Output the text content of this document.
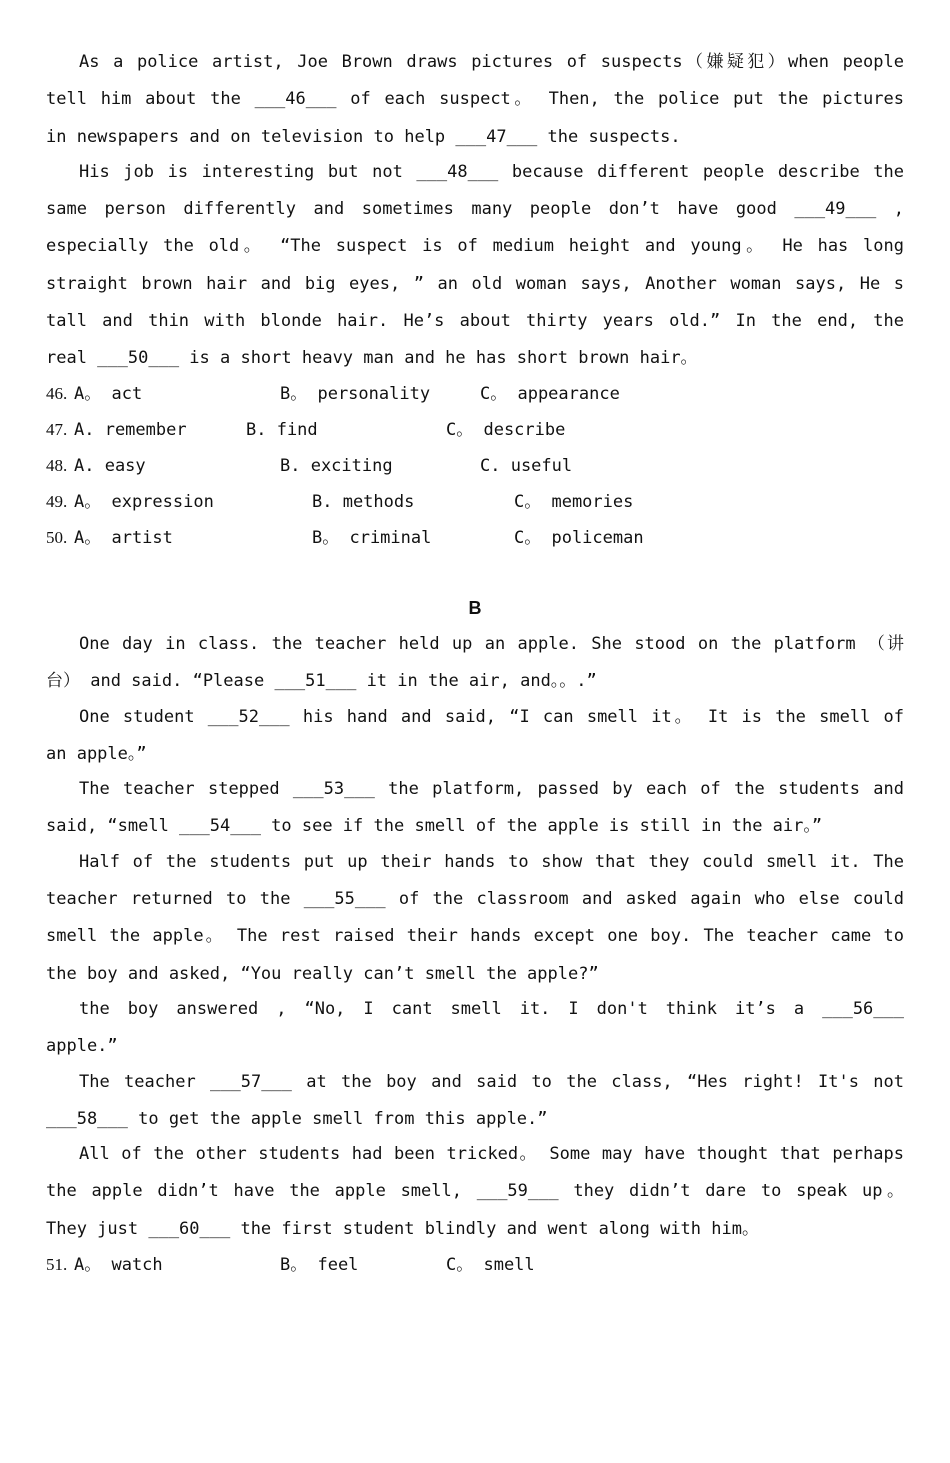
As a police artist, Joe Brown draws pictures of suspects（嫌疑犯）when people
tell him about the ___46___ of each suspect。 Then, the police put the pictures
in newspapers and on television to help ___47___ the suspects.
His job is interesting but not ___48___ because different people describe the
same person differently and sometimes many people don’t have good ___49___ ,
especially the old。 “The suspect is of medium height and young。 He has long
straight brown hair and big eyes, ” an old woman says, Another woman says, He s
tall and thin with blonde hair. He’s about thirty years old.” In the end, the
real ___50___ is a short heavy man and he has short brown hair。

46.

A。 act

	B。 personality

	C。 appearance

47.

A. remember

	B. find

	C。 describe

48.

A. easy

	B. exciting

	C. useful

49.

A。 expression

	B. methods

	C。 memories

50.

A。 artist

	B。 criminal

	C。 policeman

B
One day in class. the teacher held up an apple. She stood on the platform （讲
台） and said. “Please ___51___ it in the air, and。。.”
One student ___52___ his hand and said, “I can smell it。 It is the smell of
an apple。”
The teacher stepped ___53___ the platform, passed by each of the students and
said, “smell ___54___ to see if the smell of the apple is still in the air。”
Half of the students put up their hands to show that they could smell it. The
teacher returned to the ___55___ of the classroom and asked again who else could
smell the apple。 The rest raised their hands except one boy. The teacher came to
the boy and asked, “You really can’t smell the apple?”
the boy answered , “No, I cant smell it. I don't think it’s a ___56___
apple.”
The teacher ___57___ at the boy and said to the class, “Hes right! It's not
___58___ to get the apple smell from this apple.”
All of the other students had been tricked。 Some may have thought that perhaps
the apple didn’t have the apple smell, ___59___ they didn’t dare to speak up。
They just ___60___ the first student blindly and went along with him。

51.

A。 watch

	B。 feel

	C。 smell
